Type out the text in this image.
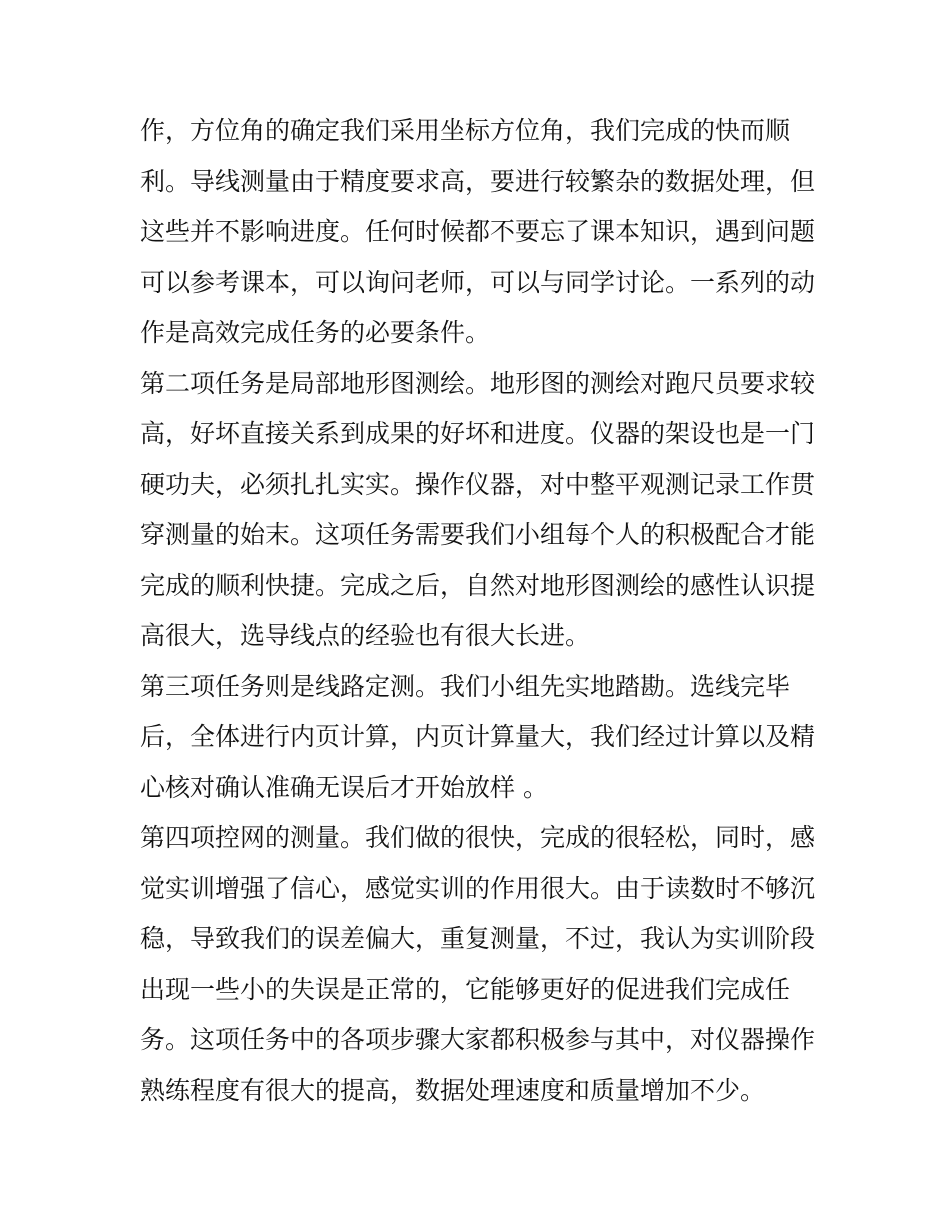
作，方位角的确定我们采用坐标方位角，我们完成的快而顺
利。导线测量由于精度要求高，要进行较繁杂的数据处理，但
这些并不影响进度。任何时候都不要忘了课本知识，遇到问题
可以参考课本，可以询问老师，可以与同学讨论。一系列的动
作是高效完成任务的必要条件。
第二项任务是局部地形图测绘。地形图的测绘对跑尺员要求较
高，好坏直接关系到成果的好坏和进度。仪器的架设也是一门
硬功夫，必须扎扎实实。操作仪器，对中整平观测记录工作贯
穿测量的始末。这项任务需要我们小组每个人的积极配合才能
完成的顺利快捷。完成之后，自然对地形图测绘的感性认识提
高很大，选导线点的经验也有很大长进。
第三项任务则是线路定测。我们小组先实地踏勘。选线完毕
后，全体进行内页计算，内页计算量大，我们经过计算以及精
心核对确认准确无误后才开始放样 。
第四项控网的测量。我们做的很快，完成的很轻松，同时，感
觉实训增强了信心，感觉实训的作用很大。由于读数时不够沉
稳，导致我们的误差偏大，重复测量，不过，我认为实训阶段
出现一些小的失误是正常的，它能够更好的促进我们完成任
务。这项任务中的各项步骤大家都积极参与其中，对仪器操作
熟练程度有很大的提高，数据处理速度和质量增加不少。
